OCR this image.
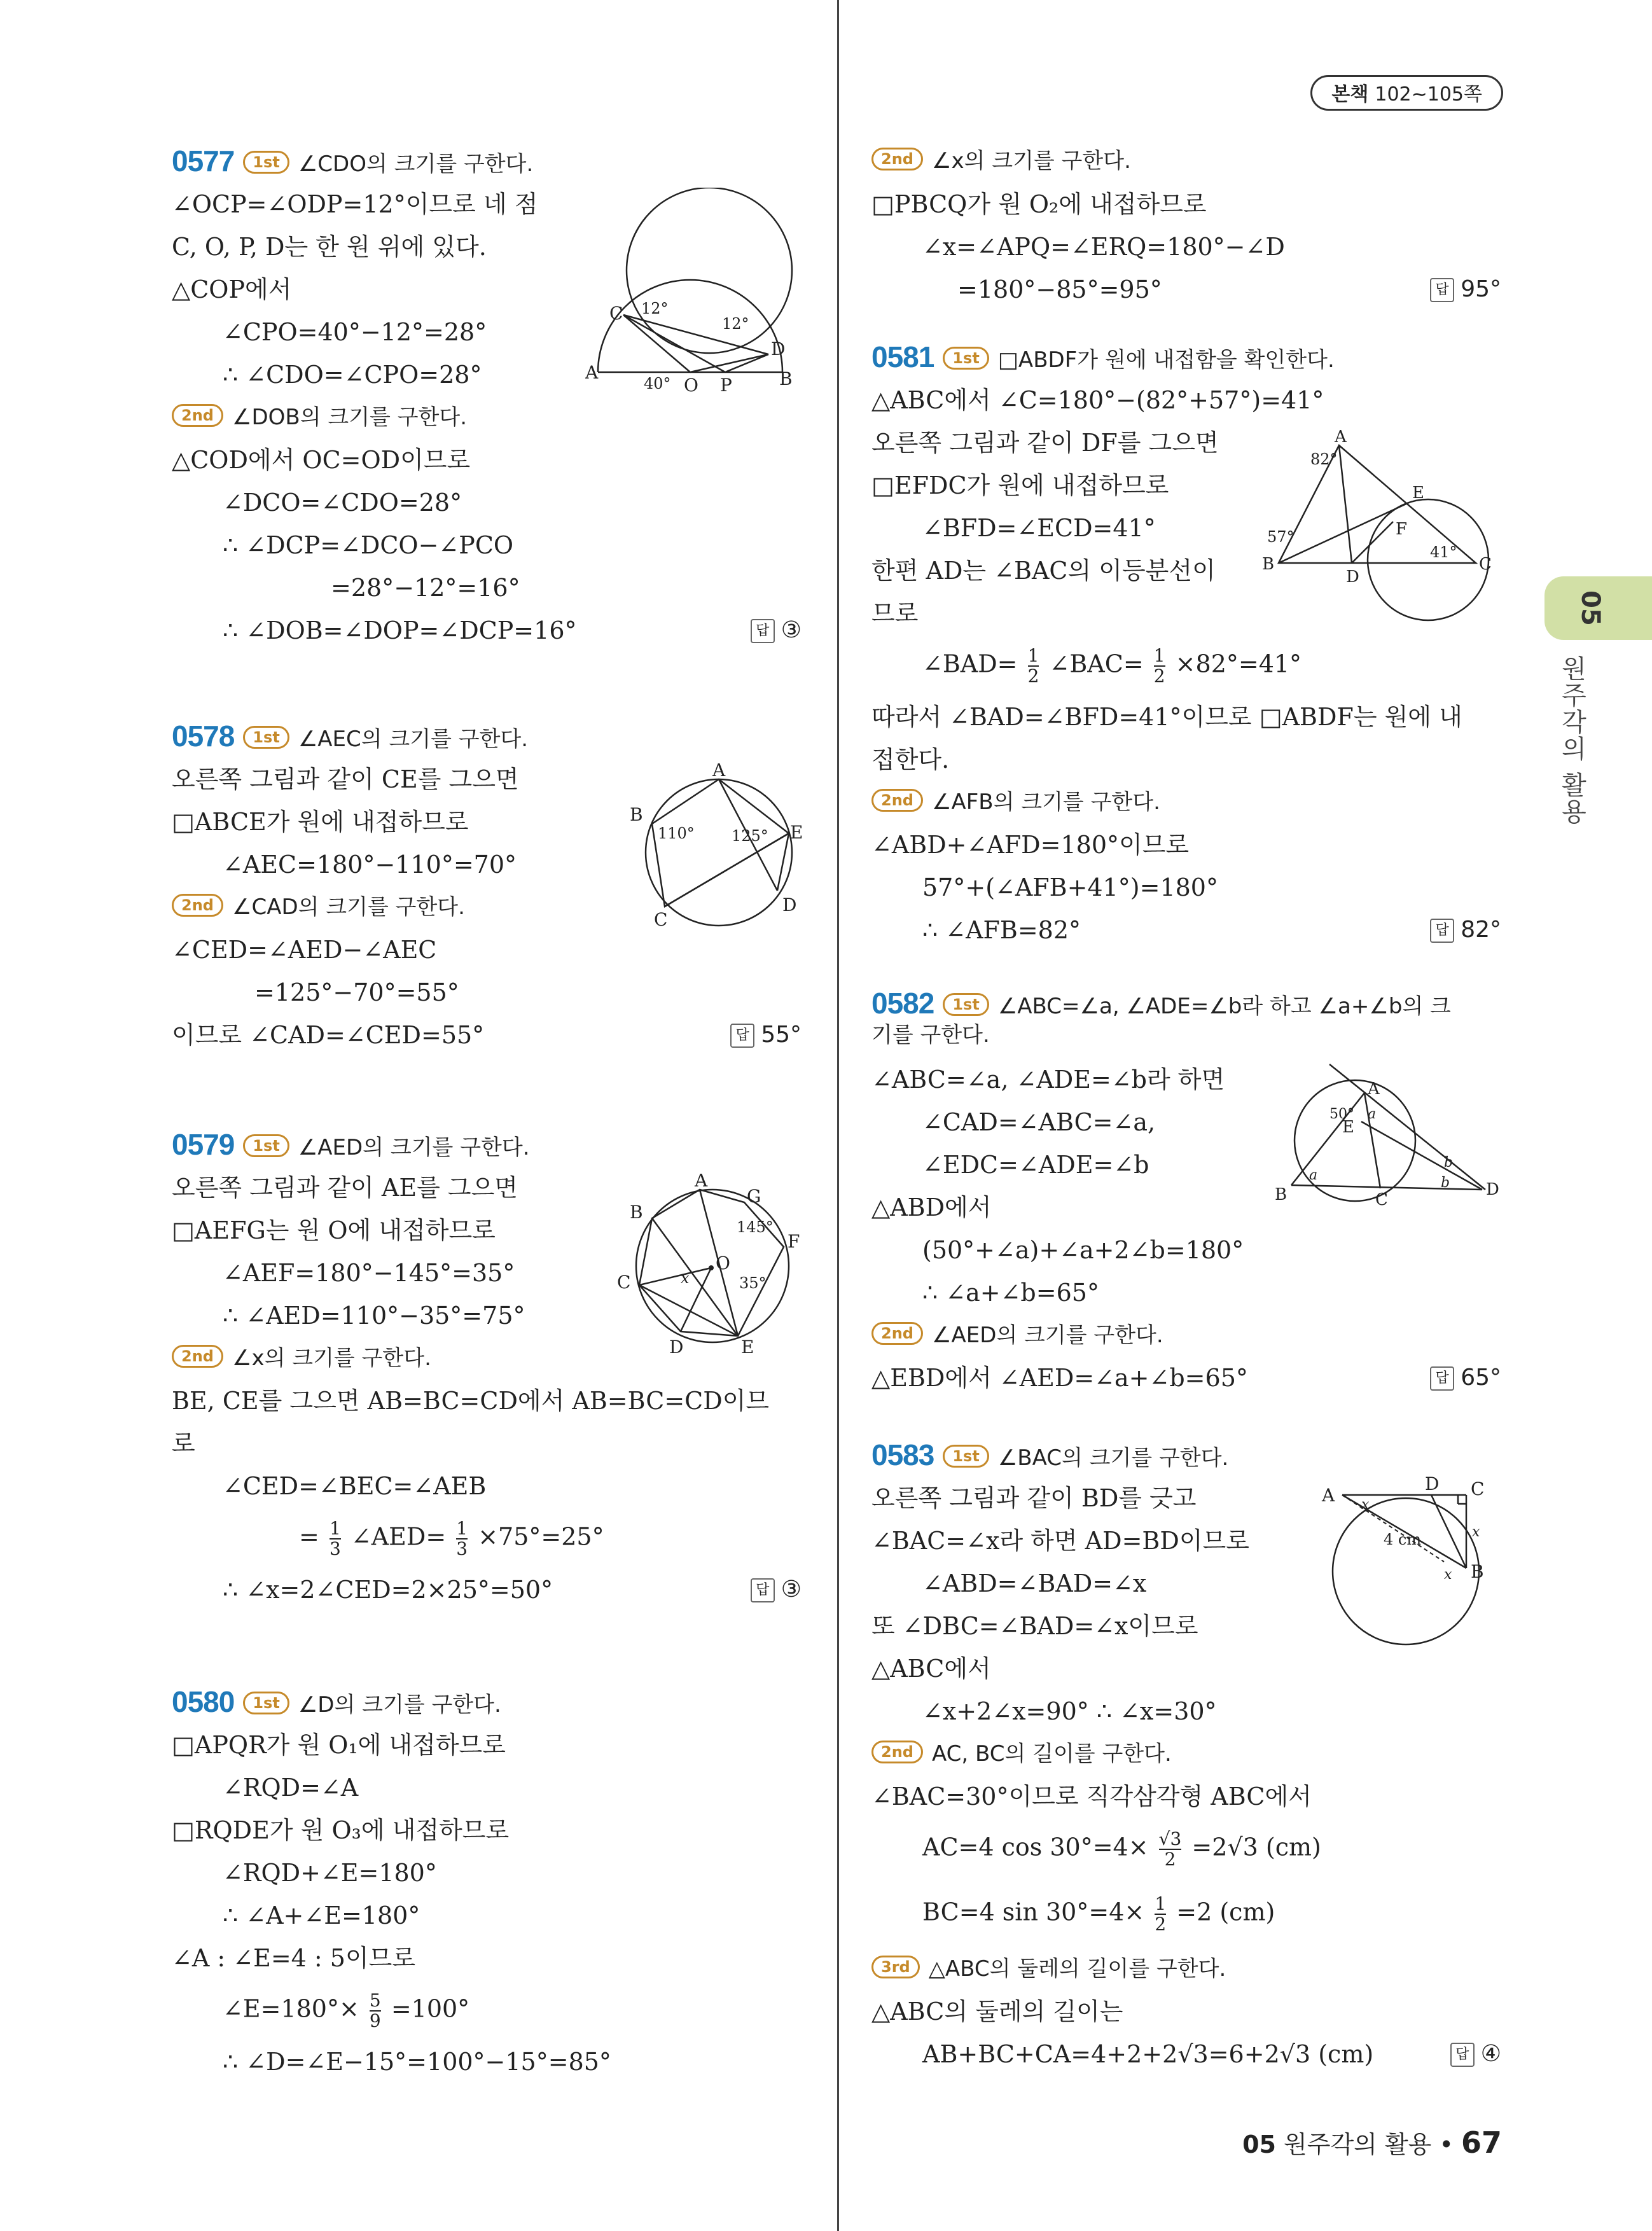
본책 102∼105쪽
05
원주각의 활용
0577 1st ∠CDO의 크기를 구한다.
∠OCP=∠ODP=12°이므로 네 점
C, O, P, D는 한 원 위에 있다.
△COP에서
∠CPO=40°−12°=28°
∴ ∠CDO=∠CPO=28°
2nd ∠DOB의 크기를 구한다.
△COD에서 OC=OD이므로
∠DCO=∠CDO=28°
∴ ∠DCP=∠DCO−∠PCO
=28°−12°=16°
∴ ∠DOB=∠DOP=∠DCP=16°	답 ③
C 12°
12°
D
A
40° O P	B
0578 1st ∠AEC의 크기를 구한다.
오른쪽 그림과 같이 CE를 그으면
□ABCE가 원에 내접하므로
∠AEC=180°−110°=70°
2nd ∠CAD의 크기를 구한다.
∠CED=∠AED−∠AEC
=125°−70°=55°
이므로 ∠CAD=∠CED=55°	답 55°
A
B
110° 125° E
C
D
0579 1st ∠AED의 크기를 구한다.
오른쪽 그림과 같이 AE를 그으면
□AEFG는 원 O에 내접하므로
∠AEF=180°−145°=35°
∴ ∠AED=110°−35°=75°
2nd ∠x의 크기를 구한다.
BE, CE를 그으면 AB=BC=CD에서 AB=BC=CD이므
로
∠CED=∠BEC=∠AEB
= $\frac{1}{3}$ ∠AED= $\frac{1}{3} \times 75^\circ=25^\circ$
∴ ∠x=2∠CED=2×25°=50°	답 ③
A
B
G
145°
F
C	x
O
35°
D	E
0580 1st ∠D의 크기를 구한다.
□APQR가 원 O₁에 내접하므로
∠RQD=∠A
□RQDE가 원 O₃에 내접하므로
∠RQD+∠E=180°
∴ ∠A+∠E=180°
∠A : ∠E=4 : 5이므로
∠E=180°× $\frac{5}{9} =100^\circ$
∴ ∠D=∠E−15°=100°−15°=85°
2nd ∠x의 크기를 구한다.
□PBCQ가 원 O₂에 내접하므로
∠x=∠APQ=∠ERQ=180°−∠D
=180°−85°=95°	답 95°
0581 1st □ABDF가 원에 내접함을 확인한다.
△ABC에서 ∠C=180°−(82°+57°)=41°
오른쪽 그림과 같이 DF를 그으면
□EFDC가 원에 내접하므로
∠BFD=∠ECD=41°
한편 AD는 ∠BAC의 이등분선이
므로
∠BAD= $\frac{1}{2}$ ∠BAC= $\frac{1}{2} \times 82^\circ=41^\circ$
따라서 ∠BAD=∠BFD=41°이므로 □ABDF는 원에 내
접한다.
2nd ∠AFB의 크기를 구한다.
∠ABD+∠AFD=180°이므로
57°+(∠AFB+41°)=180°
∴ ∠AFB=82°	답 82°
A
82°
E
F
57°
41°
B
D
C
0582 1st ∠ABC=∠a, ∠ADE=∠b라 하고 ∠a+∠b의 크
기를 구한다.
∠ABC=∠a, ∠ADE=∠b라 하면
∠CAD=∠ABC=∠a,
∠EDC=∠ADE=∠b
△ABD에서
(50°+∠a)+∠a+2∠b=180°
∴ ∠a+∠b=65°
2nd ∠AED의 크기를 구한다.
△EBD에서 ∠AED=∠a+∠b=65°	답 65°
A
50° a
E
a
b
b
B	C
D
0583 1st ∠BAC의 크기를 구한다.
오른쪽 그림과 같이 BD를 긋고
∠BAC=∠x라 하면 AD=BD이므로
∠ABD=∠BAD=∠x
또 ∠DBC=∠BAD=∠x이므로
△ABC에서
∠x+2∠x=90° ∴ ∠x=30°
2nd AC, BC의 길이를 구한다.
∠BAC=30°이므로 직각삼각형 ABC에서
AC=4 $\cos 30^\circ=4\times \frac{√3}{2} =2√3$ (cm)
BC=4 $\sin 30^\circ=4\times \frac{1}{2} =2$ (cm)
3rd △ABC의 둘레의 길이를 구한다.
△ABC의 둘레의 길이는
AB+BC+CA=4+2+2√3=6+2√3 (cm)	답 ④
A
D C
x
x
4 cm
x B
05 원주각의 활용 • 67
